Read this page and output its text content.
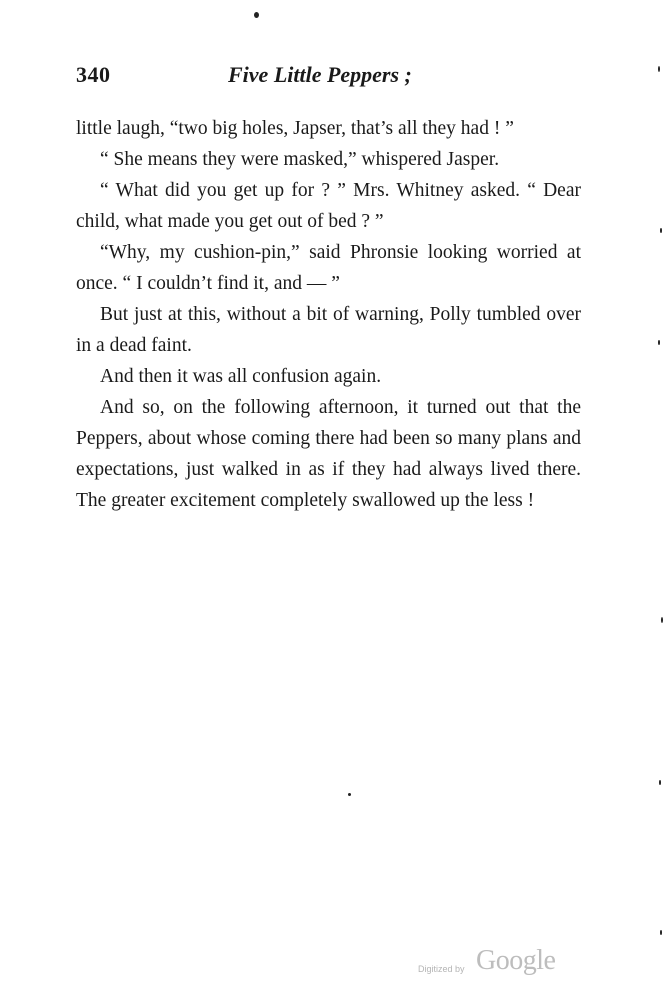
340	Five Little Peppers ;

little laugh, “two big holes, Japser, that’s all they had ! ”

“ She means they were masked,” whispered Jasper.

“ What did you get up for ? ” Mrs. Whitney asked. “ Dear child, what made you get out of bed ? ”

“Why, my cushion-pin,” said Phronsie looking worried at once. “ I couldn’t find it, and — ”

But just at this, without a bit of warning, Polly tumbled over in a dead faint.

And then it was all confusion again.

And so, on the following afternoon, it turned out that the Peppers, about whose coming there had been so many plans and expectations, just walked in as if they had always lived there. The greater excitement completely swallowed up the less !

Digitized by Google
